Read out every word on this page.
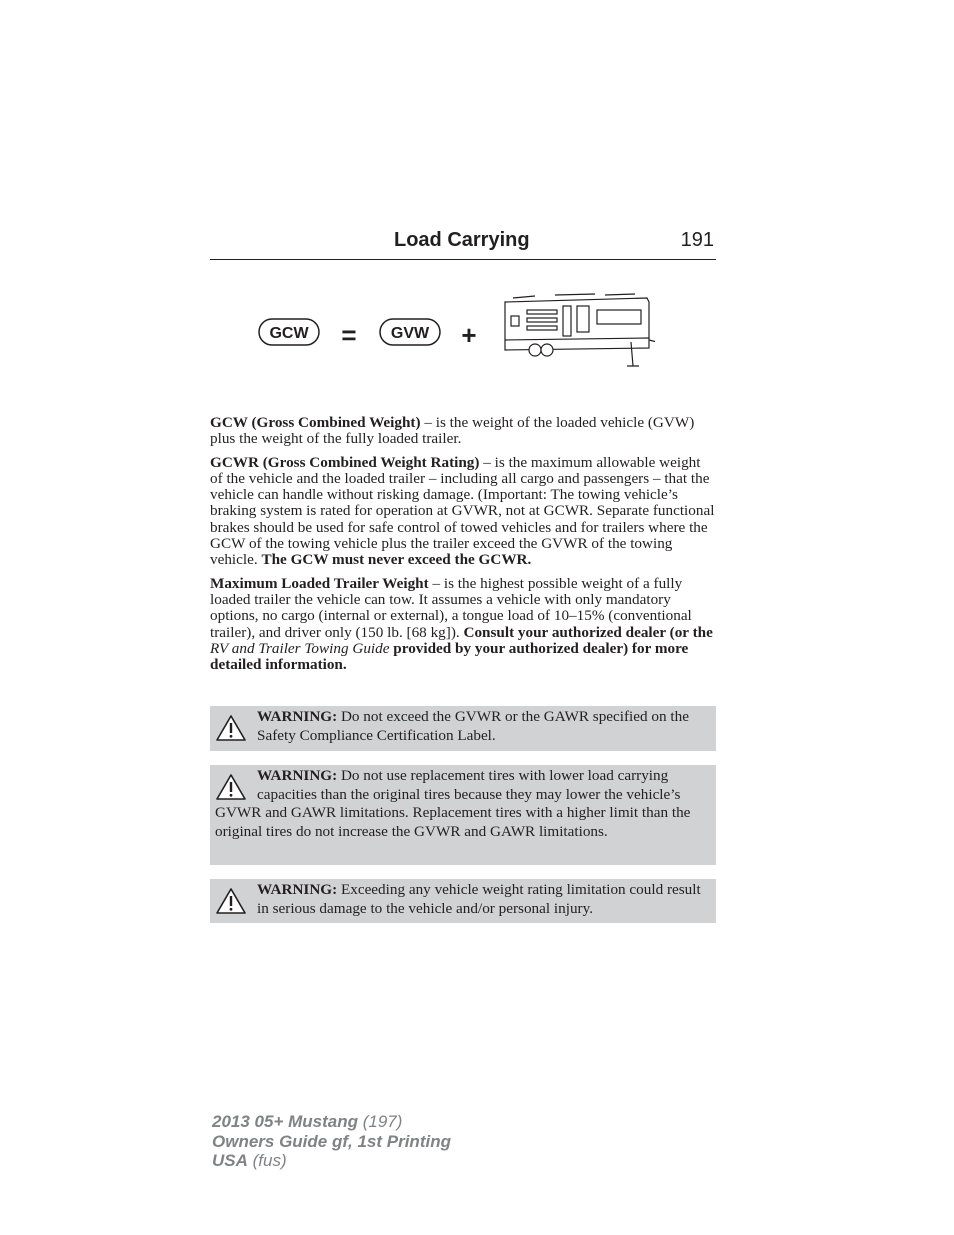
Load Carrying	191
GCW = GVW +

GCW (Gross Combined Weight) – is the weight of the loaded vehicle (GVW) plus the weight of the fully loaded trailer.

GCWR (Gross Combined Weight Rating) – is the maximum allowable weight of the vehicle and the loaded trailer – including all cargo and passengers – that the vehicle can handle without risking damage. (Important: The towing vehicle’s braking system is rated for operation at GVWR, not at GCWR. Separate functional brakes should be used for safe control of towed vehicles and for trailers where the GCW of the towing vehicle plus the trailer exceed the GVWR of the towing vehicle. The GCW must never exceed the GCWR.

Maximum Loaded Trailer Weight – is the highest possible weight of a fully loaded trailer the vehicle can tow. It assumes a vehicle with only mandatory options, no cargo (internal or external), a tongue load of 10–15% (conventional trailer), and driver only (150 lb. [68 kg]). Consult your authorized dealer (or the RV and Trailer Towing Guide provided by your authorized dealer) for more detailed information.

WARNING: Do not exceed the GVWR or the GAWR specified on the Safety Compliance Certification Label.
WARNING: Do not use replacement tires with lower load carrying capacities than the original tires because they may lower the vehicle’s GVWR and GAWR limitations. Replacement tires with a higher limit than the original tires do not increase the GVWR and GAWR limitations.
WARNING: Exceeding any vehicle weight rating limitation could result in serious damage to the vehicle and/or personal injury.
2013 05+ Mustang (197)
Owners Guide gf, 1st Printing
USA (fus)
